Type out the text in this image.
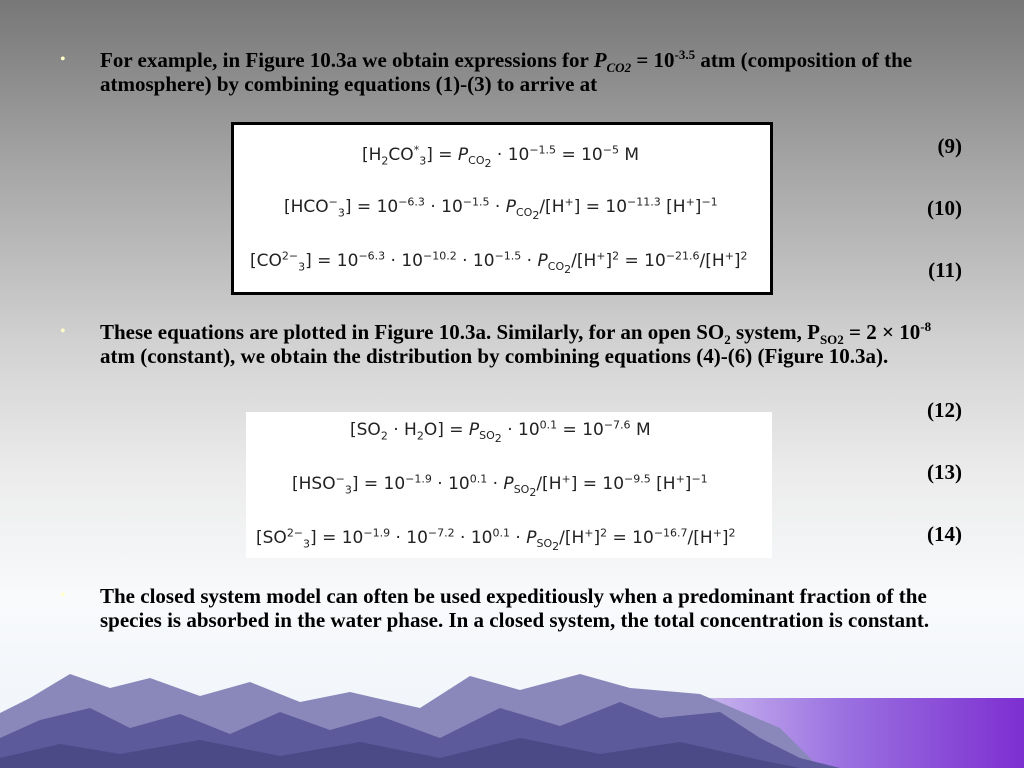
• For example, in Figure 10.3a we obtain expressions for $P_{CO2} = 10^{-3.5}$ atm (composition of the atmosphere) by combining equations (1)-(3) to arrive at
$[H_2CO^*_3] = P_{CO_2} \cdot 10^{-1.5} = 10^{-5}$ M
$[HCO^-_3] = 10^{-6.3} \cdot 10^{-1.5} \cdot P_{CO_2}/[H^+] = 10^{-11.3}$ $[H^+]^{-1}$
$[CO^{2-}_3] = 10^{-6.3} \cdot 10^{-10.2} \cdot 10^{-1.5} \cdot P_{CO_2}/[H^+]^2 = 10^{-21.6}/[H^+]^2$
(9)
(10)
(11)
• These equations are plotted in Figure 10.3a. Similarly, for an open $SO_2$ system, $P_{SO2} = 2 \times 10^{-8}$ atm (constant), we obtain the distribution by combining equations (4)-(6) (Figure 10.3a).
$[SO_2 \cdot H_2O] = P_{SO_2} \cdot 10^{0.1} = 10^{-7.6}$ M
$[HSO^-_3] = 10^{-1.9} \cdot 10^{0.1} \cdot P_{SO_2}/[H^+] = 10^{-9.5}$ $[H^+]^{-1}$
$[SO^{2-}_3] = 10^{-1.9} \cdot 10^{-7.2} \cdot 10^{0.1} \cdot P_{SO_2}/[H^+]^2 = 10^{-16.7}/[H^+]^2$
(12)
(13)
(14)
• The closed system model can often be used expeditiously when a predominant fraction of the species is absorbed in the water phase. In a closed system, the total concentration is constant.
